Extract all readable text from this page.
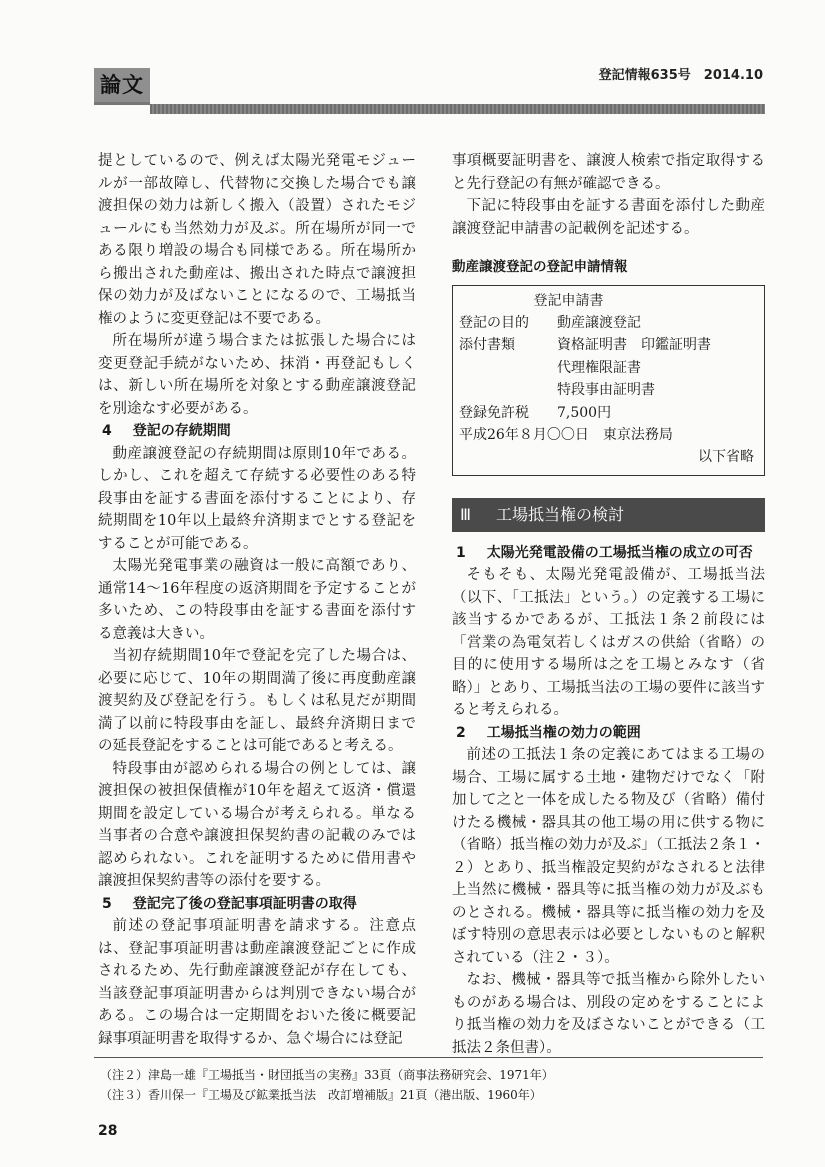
論文	登記情報635号　2014.10

提としているので、例えば太陽光発電モジュールが一部故障し、代替物に交換した場合でも譲渡担保の効力は新しく搬入（設置）されたモジュールにも当然効力が及ぶ。所在場所が同一である限り増設の場合も同様である。所在場所から搬出された動産は、搬出された時点で譲渡担保の効力が及ばないことになるので、工場抵当権のように変更登記は不要である。

所在場所が違う場合または拡張した場合には変更登記手続がないため、抹消・再登記もしくは、新しい所在場所を対象とする動産譲渡登記を別途なす必要がある。

4 登記の存続期間

動産譲渡登記の存続期間は原則10年である。しかし、これを超えて存続する必要性のある特段事由を証する書面を添付することにより、存続期間を10年以上最終弁済期までとする登記をすることが可能である。

太陽光発電事業の融資は一般に高額であり、通常14〜16年程度の返済期間を予定することが多いため、この特段事由を証する書面を添付する意義は大きい。

当初存続期間10年で登記を完了した場合は、必要に応じて、10年の期間満了後に再度動産譲渡契約及び登記を行う。もしくは私見だが期間満了以前に特段事由を証し、最終弁済期日までの延長登記をすることは可能であると考える。

特段事由が認められる場合の例としては、譲渡担保の被担保債権が10年を超えて返済・償還期間を設定している場合が考えられる。単なる当事者の合意や譲渡担保契約書の記載のみでは認められない。これを証明するために借用書や譲渡担保契約書等の添付を要する。

5 登記完了後の登記事項証明書の取得

前述の登記事項証明書を請求する。注意点は、登記事項証明書は動産譲渡登記ごとに作成されるため、先行動産譲渡登記が存在しても、当該登記事項証明書からは判別できない場合がある。この場合は一定期間をおいた後に概要記録事項証明書を取得するか、急ぐ場合には登記

事項概要証明書を、譲渡人検索で指定取得すると先行登記の有無が確認できる。

下記に特段事由を証する書面を添付した動産譲渡登記申請書の記載例を記述する。

動産譲渡登記の登記申請情報
登記申請書
登記の目的	動産譲渡登記
添付書類	資格証明書　印鑑証明書
代理権限証書
特段事由証明書
登録免許税	7,500円
平成26年８月〇〇日　東京法務局
以下省略
Ⅲ 工場抵当権の検討
1 太陽光発電設備の工場抵当権の成立の可否

そもそも、太陽光発電設備が、工場抵当法（以下、「工抵法」という。）の定義する工場に該当するかであるが、工抵法１条２前段には「営業の為電気若しくはガスの供給（省略）の目的に使用する場所は之を工場とみなす（省略）」とあり、工場抵当法の工場の要件に該当すると考えられる。

2 工場抵当権の効力の範囲

前述の工抵法１条の定義にあてはまる工場の場合、工場に属する土地・建物だけでなく「附加して之と一体を成したる物及び（省略）備付けたる機械・器具其の他工場の用に供する物に（省略）抵当権の効力が及ぶ」（工抵法２条１・２）とあり、抵当権設定契約がなされると法律上当然に機械・器具等に抵当権の効力が及ぶものとされる。機械・器具等に抵当権の効力を及ぼす特別の意思表示は必要としないものと解釈されている（注２・３）。

なお、機械・器具等で抵当権から除外したいものがある場合は、別段の定めをすることにより抵当権の効力を及ぼさないことができる（工抵法２条但書）。

（注２）津島一雄『工場抵当・財団抵当の実務』33頁（商事法務研究会、1971年）
（注３）香川保一『工場及び鉱業抵当法　改訂増補版』21頁（港出版、1960年）
28
